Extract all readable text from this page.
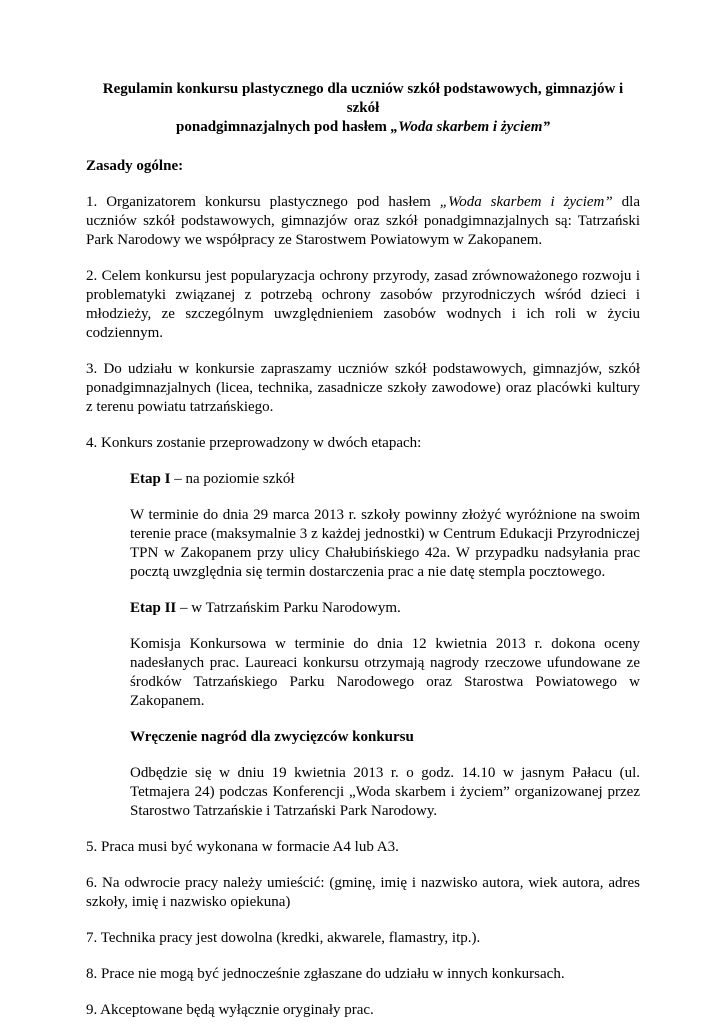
Regulamin konkursu plastycznego dla uczniów szkół podstawowych, gimnazjów i szkół
ponadgimnazjalnych pod hasłem „Woda skarbem i życiem”

Zasady ogólne:

1. Organizatorem konkursu plastycznego pod hasłem „Woda skarbem i życiem” dla uczniów szkół podstawowych, gimnazjów oraz szkół ponadgimnazjalnych są: Tatrzański Park Narodowy we współpracy ze Starostwem Powiatowym w Zakopanem.

2. Celem konkursu jest popularyzacja ochrony przyrody, zasad zrównoważonego rozwoju i problematyki związanej z potrzebą ochrony zasobów przyrodniczych wśród dzieci i młodzieży, ze szczególnym uwzględnieniem zasobów wodnych i ich roli w życiu codziennym.

3. Do udziału w konkursie zapraszamy uczniów szkół podstawowych, gimnazjów, szkół ponadgimnazjalnych (licea, technika, zasadnicze szkoły zawodowe) oraz placówki kultury z terenu powiatu tatrzańskiego.

4. Konkurs zostanie przeprowadzony w dwóch etapach:

Etap I – na poziomie szkół

W terminie do dnia 29 marca 2013 r. szkoły powinny złożyć wyróżnione na swoim terenie prace (maksymalnie 3 z każdej jednostki) w Centrum Edukacji Przyrodniczej TPN w Zakopanem przy ulicy Chałubińskiego 42a. W przypadku nadsyłania prac pocztą uwzględnia się termin dostarczenia prac a nie datę stempla pocztowego.

Etap II – w Tatrzańskim Parku Narodowym.

Komisja Konkursowa w terminie do dnia 12 kwietnia 2013 r. dokona oceny nadesłanych prac. Laureaci konkursu otrzymają nagrody rzeczowe ufundowane ze środków Tatrzańskiego Parku Narodowego oraz Starostwa Powiatowego w Zakopanem.

Wręczenie nagród dla zwycięzców konkursu

Odbędzie się w dniu 19 kwietnia 2013 r. o godz. 14.10 w jasnym Pałacu (ul. Tetmajera 24) podczas Konferencji „Woda skarbem i życiem” organizowanej przez Starostwo Tatrzańskie i Tatrzański Park Narodowy.

5. Praca musi być wykonana w formacie A4 lub A3.

6. Na odwrocie pracy należy umieścić: (gminę, imię i nazwisko autora, wiek autora, adres szkoły, imię i nazwisko opiekuna)

7. Technika pracy jest dowolna (kredki, akwarele, flamastry, itp.).

8. Prace nie mogą być jednocześnie zgłaszane do udziału w innych konkursach.

9. Akceptowane będą wyłącznie oryginały prac.
